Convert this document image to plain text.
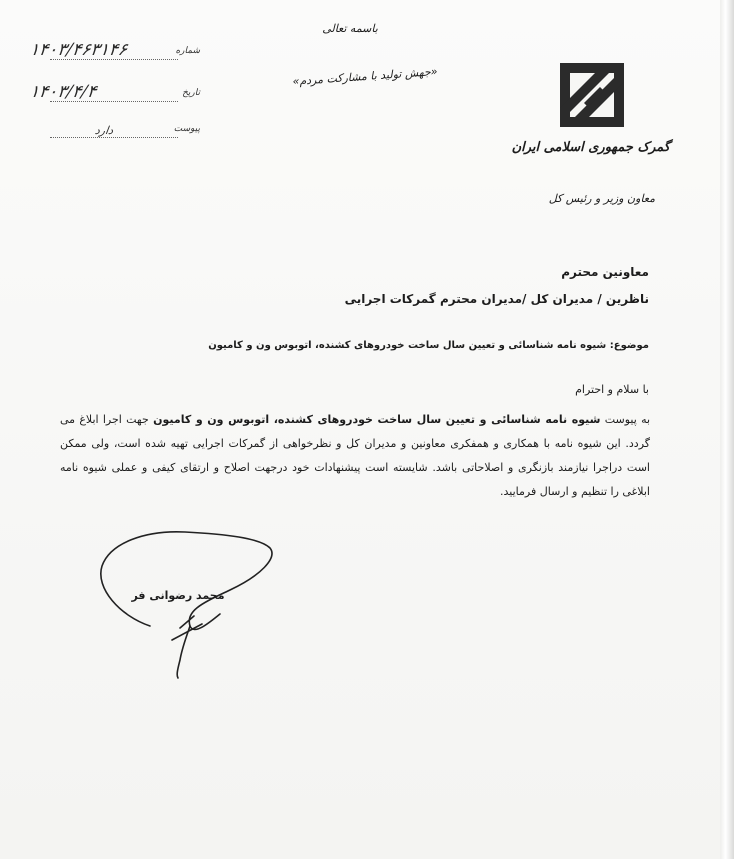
باسمه تعالی
«جهش تولید با مشارکت مردم»
۱۴۰۳/۴۶۳۱۴۶	شماره
۱۴۰۳/۴/۴	تاریخ
دارد	پیوست
گمرک جمهوری اسلامی ایران
معاون وزیر و رئیس کل
معاونین محترم
ناظرین / مدیران کل /مدیران محترم گمرکات اجرایی
موضوع: شیوه نامه شناسائی و تعیین سال ساخت خودروهای کشنده، اتوبوس ون و کامیون
با سلام و احترام
به پیوست شیوه نامه شناسائی و تعیین سال ساخت خودروهای کشنده، اتوبوس ون و کامیون جهت اجرا ابلاغ می گردد. این شیوه نامه با همکاری و همفکری معاونین و مدیران کل و نظرخواهی از گمرکات اجرایی تهیه شده است، ولی ممکن است دراجرا نیازمند بازنگری و اصلاحاتی باشد. شایسته است پیشنهادات خود درجهت اصلاح و ارتقای کیفی و عملی شیوه نامه ابلاغی را تنظیم و ارسال فرمایید.
محمد رضوانی فر
